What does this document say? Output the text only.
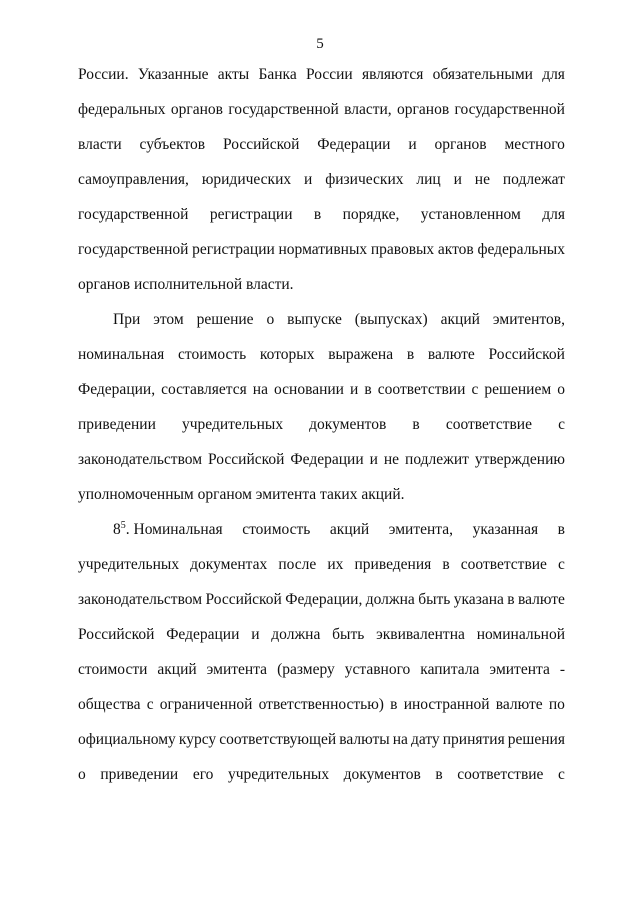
5
России. Указанные акты Банка России являются обязательными для
федеральных органов государственной власти, органов государственной
власти субъектов Российской Федерации и органов местного
самоуправления, юридических и физических лиц и не подлежат
государственной регистрации в порядке, установленном для
государственной регистрации нормативных правовых актов федеральных
органов исполнительной власти.
При этом решение о выпуске (выпусках) акций эмитентов,
номинальная стоимость которых выражена в валюте Российской
Федерации, составляется на основании и в соответствии с решением о
приведении учредительных документов в соответствие с
законодательством Российской Федерации и не подлежит утверждению
уполномоченным органом эмитента таких акций.
$8^5$. Номинальная стоимость акций эмитента, указанная в
учредительных документах после их приведения в соответствие с
законодательством Российской Федерации, должна быть указана в валюте
Российской Федерации и должна быть эквивалентна номинальной
стоимости акций эмитента (размеру уставного капитала эмитента -
общества с ограниченной ответственностью) в иностранной валюте по
официальному курсу соответствующей валюты на дату принятия решения
о приведении его учредительных документов в соответствие с
